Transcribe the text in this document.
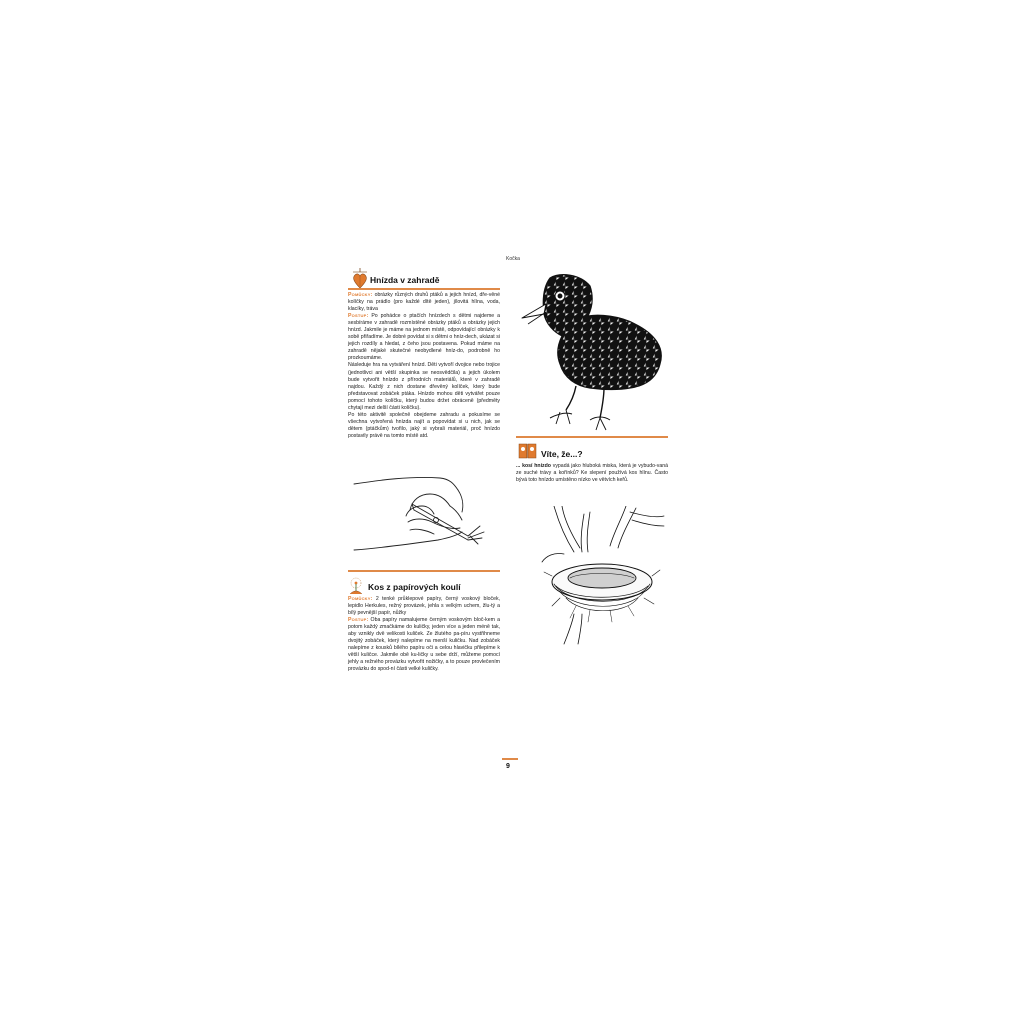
Kočka
Hnízda v zahradě

Pomůcky: obrázky různých druhů ptáků a jejich hnízd, dře-věné kolíčky na prádlo (pro každé dítě jeden), jílovitá hlína, voda, klacíky, tráva

Postup: Po pohádce o ptačích hnízdech s dětmi najdeme a sesbíráme v zahradě rozmístěné obrázky ptáků a obrázky jejich hnízd. Jakmile je máme na jednom místě, odpovídající obrázky k sobě přiřadíme. Je dobré povídat si s dětmi o hníz-dech, ukázat si jejich rozdíly a hledat, z čeho jsou postavena. Pokud máme na zahradě nějaké skutečné neobydlené hníz-do, podrobně ho prozkoumáme.

Následuje hra na vytváření hnízd. Děti vytvoří dvojice nebo trojice (jednotlivci ani větší skupinka se neosvědčila) a jejich úkolem bude vytvořit hnízdo z přírodních materiálů, které v zahradě najdou. Každý z nich dostane dřevěný kolíček, který bude představovat zobáček ptáka. Hnízdo mohou děti vytvářet pouze pomocí tohoto kolíčku, který budou držet obráceně (předměty chytají mezi delší části kolíčku).

Po této aktivitě společně obejdeme zahradu a pokusíme se všechna vytvořená hnízda najít a popovídat si u nich, jak se dětem (ptáčkům) tvořilo, jaký si vybrali materiál, proč hnízdo postavily právě na tomto místě atd.

Kos z papírových koulí

Pomůcky: 2 tenké průklepové papíry, černý voskový bloček, lepidlo Herkules, režný provázek, jehla s velkým uchem, žlu-tý a bílý pevnější papír, nůžky

Postup: Oba papíry namalujeme černým voskovým bloč-kem a potom každý zmačkáme do kuličky, jeden více a jeden méně tak, aby vznikly dvě velikosti kuliček. Ze žlutého pa-píru vystřihneme dvojitý zobáček, který nalepíme na menší kuličku. Nad zobáček nalepíme z kousků bílého papíru oči a celou hlavičku přilepíme k větší kuličce. Jakmile obě ku-ličky u sebe drží, můžeme pomocí jehly a režného provázku vytvořit nožičky, a to pouze provlečením provázku do spod-ní části velké kuličky.

Víte, že...?

... kosí hnízdo vypadá jako hluboká miska, která je vybudo-vaná ze suché trávy a kořínků? Ke slepení používá kos hlínu. Často bývá toto hnízdo umístěno nízko ve větvích keřů.

9
